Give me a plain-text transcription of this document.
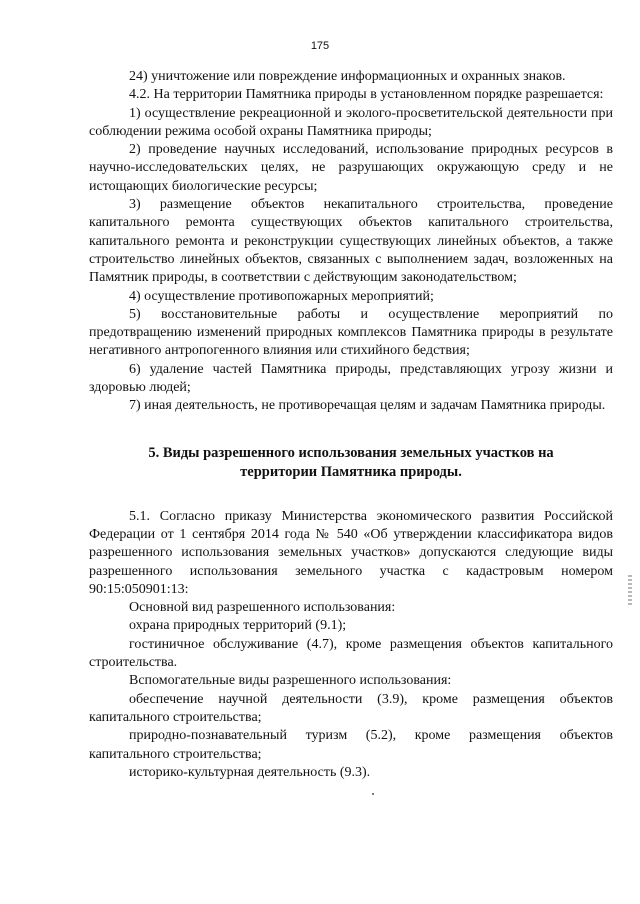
175

24) уничтожение или повреждение информационных и охранных знаков.

4.2. На территории Памятника природы в установленном порядке разрешается:

1) осуществление рекреационной и эколого-просветительской деятельности при соблюдении режима особой охраны Памятника природы;

2) проведение научных исследований, использование природных ресурсов в научно-исследовательских целях, не разрушающих окружающую среду и не истощающих биологические ресурсы;

3) размещение объектов некапитального строительства, проведение капитального ремонта существующих объектов капитального строительства, капитального ремонта и реконструкции существующих линейных объектов, а также строительство линейных объектов, связанных с выполнением задач, возложенных на Памятник природы, в соответствии с действующим законодательством;

4) осуществление противопожарных мероприятий;

5) восстановительные работы и осуществление мероприятий по предотвращению изменений природных комплексов Памятника природы в результате негативного антропогенного влияния или стихийного бедствия;

6) удаление частей Памятника природы, представляющих угрозу жизни и здоровью людей;

7) иная деятельность, не противоречащая целям и задачам Памятника природы.

5. Виды разрешенного использования земельных участков на
территории Памятника природы.

5.1. Согласно приказу Министерства экономического развития Российской Федерации от 1 сентября 2014 года № 540 «Об утверждении классификатора видов разрешенного использования земельных участков» допускаются следующие виды разрешенного использования земельного участка с кадастровым номером 90:15:050901:13:

Основной вид разрешенного использования:

охрана природных территорий (9.1);

гостиничное обслуживание (4.7), кроме размещения объектов капитального строительства.

Вспомогательные виды разрешенного использования:

обеспечение научной деятельности (3.9), кроме размещения объектов капитального строительства;

природно-познавательный туризм (5.2), кроме размещения объектов капитального строительства;

историко-культурная деятельность (9.3).
